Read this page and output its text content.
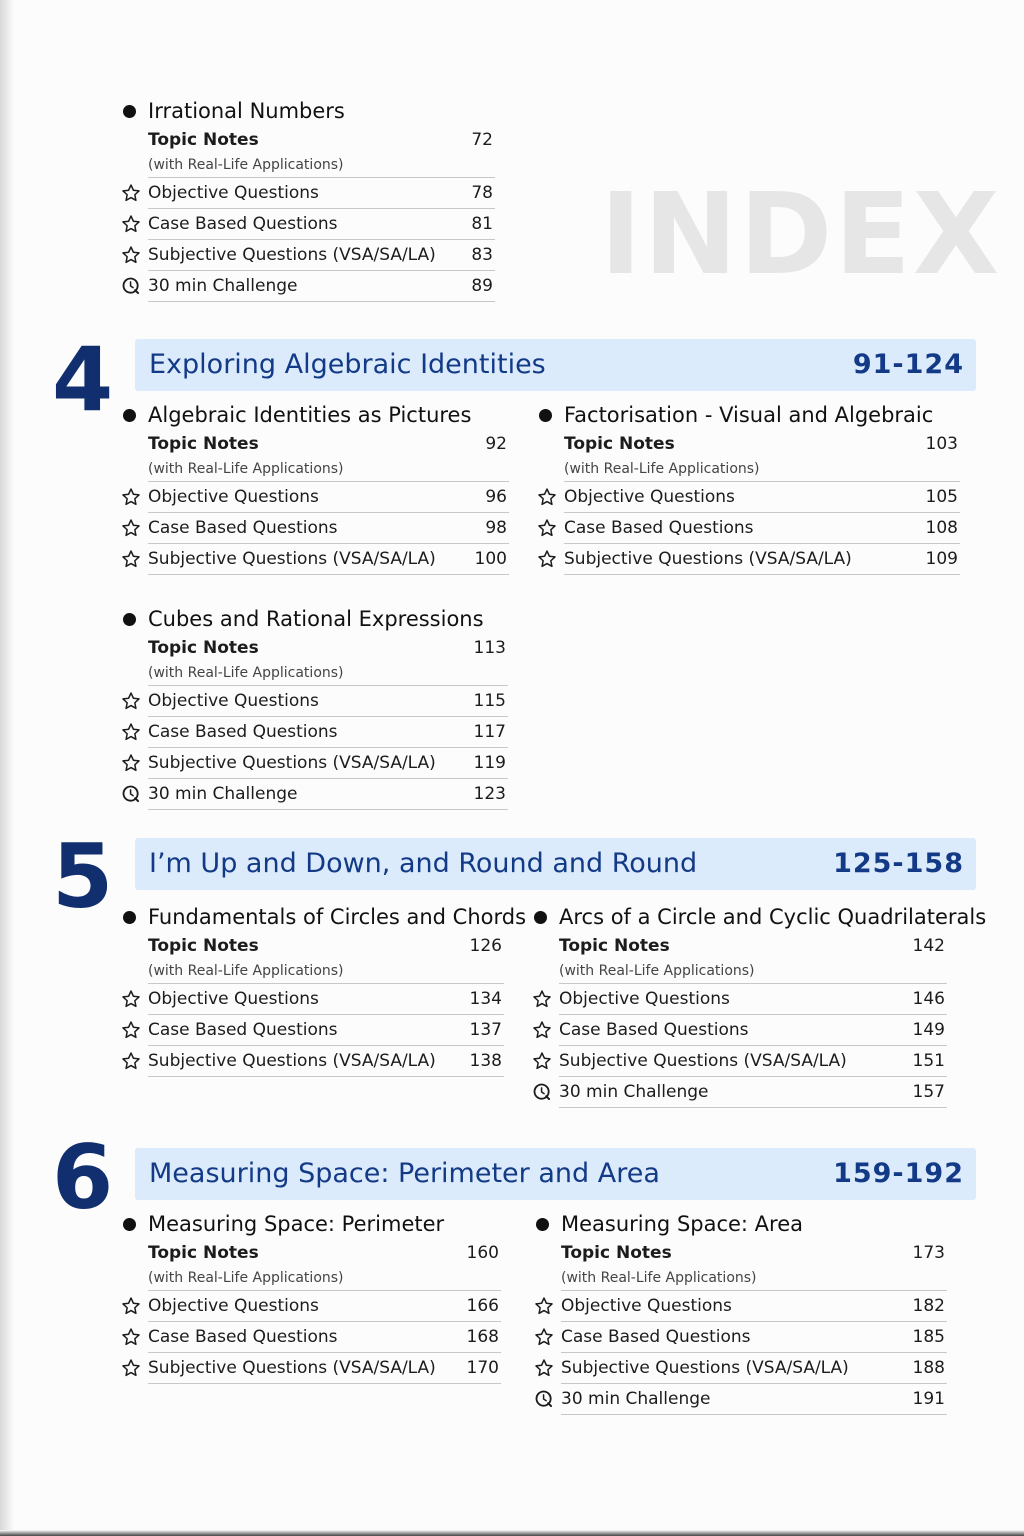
INDEX
Irrational Numbers
Topic Notes	72
(with Real-Life Applications)
Objective Questions	78
Case Based Questions	81
Subjective Questions (VSA/SA/LA) 83
30 min Challenge	89
4 Exploring Algebraic Identities	91-124
Algebraic Identities as Pictures
Topic Notes	92
(with Real-Life Applications)
Objective Questions	96
Case Based Questions	98
Subjective Questions (VSA/SA/LA) 100
Factorisation - Visual and Algebraic
Topic Notes	103
(with Real-Life Applications)
Objective Questions	105
Case Based Questions	108
Subjective Questions (VSA/SA/LA)	109
Cubes and Rational Expressions
Topic Notes	113
(with Real-Life Applications)
Objective Questions	115
Case Based Questions	117
Subjective Questions (VSA/SA/LA) 119
30 min Challenge	123
5 I’m Up and Down, and Round and Round	125-158
Fundamentals of Circles and Chords
Topic Notes	126
(with Real-Life Applications)
Objective Questions	134
Case Based Questions	137
Subjective Questions (VSA/SA/LA) 138
Arcs of a Circle and Cyclic Quadrilaterals
Topic Notes	142
(with Real-Life Applications)
Objective Questions	146
Case Based Questions	149
Subjective Questions (VSA/SA/LA)	151
30 min Challenge	157
6 Measuring Space: Perimeter and Area	159-192
Measuring Space: Perimeter
Topic Notes	160
(with Real-Life Applications)
Objective Questions	166
Case Based Questions	168
Subjective Questions (VSA/SA/LA) 170
Measuring Space: Area
Topic Notes	173
(with Real-Life Applications)
Objective Questions	182
Case Based Questions	185
Subjective Questions (VSA/SA/LA)	188
30 min Challenge	191
